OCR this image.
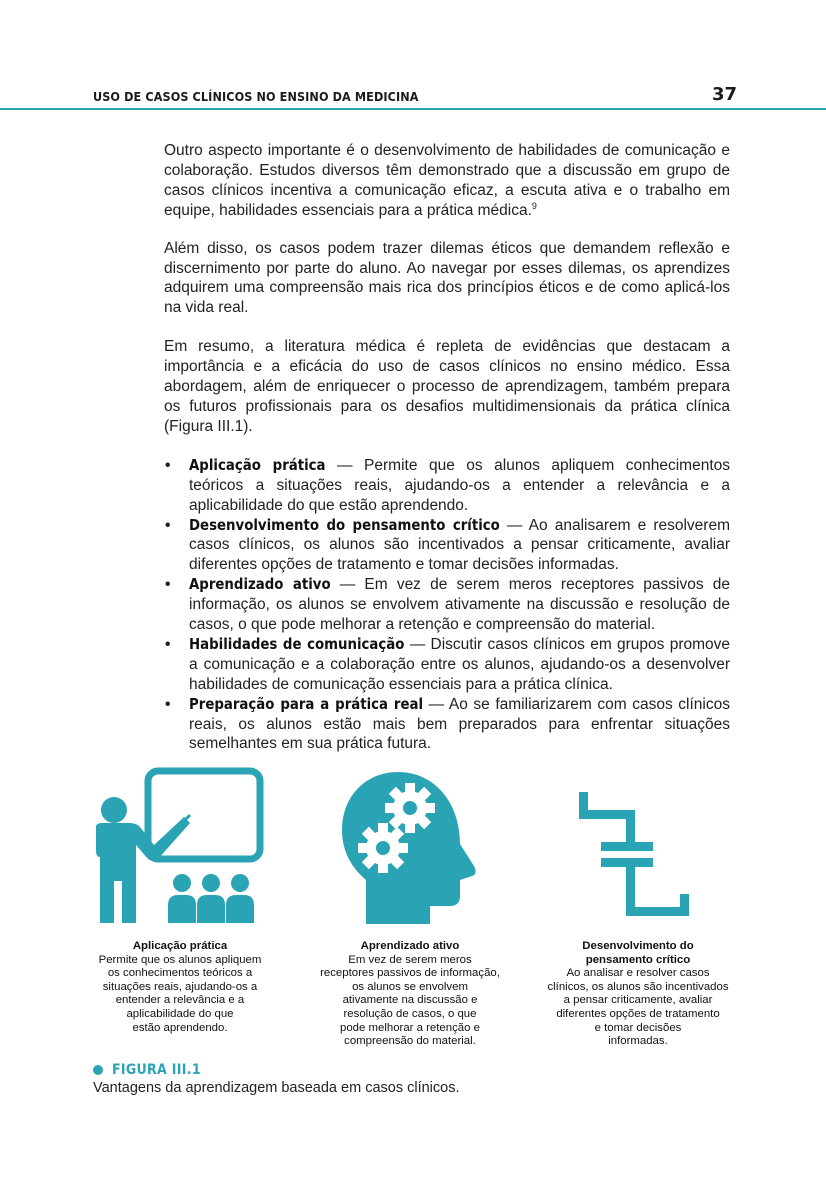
USO DE CASOS CLÍNICOS NO ENSINO DA MEDICINA	37

Outro aspecto importante é o desenvolvimento de habilidades de comunicação e colaboração. Estudos diversos têm demonstrado que a discussão em grupo de casos clínicos incentiva a comunicação eficaz, a escuta ativa e o trabalho em equipe, habilidades essenciais para a prática médica.$^9$

Além disso, os casos podem trazer dilemas éticos que demandem reflexão e discernimento por parte do aluno. Ao navegar por esses dilemas, os aprendizes adquirem uma compreensão mais rica dos princípios éticos e de como aplicá-los na vida real.

Em resumo, a literatura médica é repleta de evidências que destacam a importância e a eficácia do uso de casos clínicos no ensino médico. Essa abordagem, além de enriquecer o processo de aprendizagem, também prepara os futuros profissionais para os desafios multidimensionais da prática clínica (Figura III.1).

• Aplicação prática — Permite que os alunos apliquem conhecimentos teóricos a situações reais, ajudando-os a entender a relevância e a aplicabilidade do que estão aprendendo.
• Desenvolvimento do pensamento crítico — Ao analisarem e resolverem casos clínicos, os alunos são incentivados a pensar criticamente, avaliar diferentes opções de tratamento e tomar decisões informadas.
• Aprendizado ativo — Em vez de serem meros receptores passivos de informação, os alunos se envolvem ativamente na discussão e resolução de casos, o que pode melhorar a retenção e compreensão do material.
• Habilidades de comunicação — Discutir casos clínicos em grupos promove a comunicação e a colaboração entre os alunos, ajudando-os a desenvolver habilidades de comunicação essenciais para a prática clínica.
• Preparação para a prática real — Ao se familiarizarem com casos clínicos reais, os alunos estão mais bem preparados para enfrentar situações semelhantes em sua prática futura.
Aplicação prática
Permite que os alunos apliquem
os conhecimentos teóricos a
situações reais, ajudando-os a
entender a relevância e a
aplicabilidade do que
estão aprendendo.
Aprendizado ativo
Em vez de serem meros
receptores passivos de informação,
os alunos se envolvem
ativamente na discussão e
resolução de casos, o que
pode melhorar a retenção e
compreensão do material.
Desenvolvimento do
pensamento crítico
Ao analisar e resolver casos
clínicos, os alunos são incentivados
a pensar criticamente, avaliar
diferentes opções de tratamento
e tomar decisões
informadas.
FIGURA III.1
Vantagens da aprendizagem baseada em casos clínicos.
